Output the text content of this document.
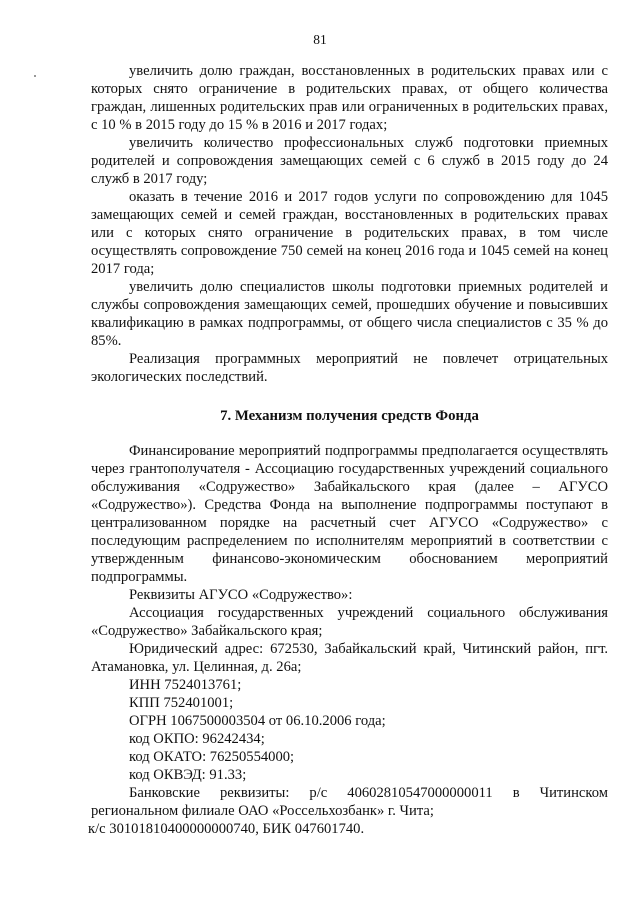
81

увеличить долю граждан, восстановленных в родительских правах или с которых снято ограничение в родительских правах, от общего количества граждан, лишенных родительских прав или ограниченных в родительских правах, с 10 % в 2015 году до 15 % в 2016 и 2017 годах;

увеличить количество профессиональных служб подготовки приемных родителей и сопровождения замещающих семей с 6 служб в 2015 году до 24 служб в 2017 году;

оказать в течение 2016 и 2017 годов услуги по сопровождению для 1045 замещающих семей и семей граждан, восстановленных в родительских правах или с которых снято ограничение в родительских правах, в том числе осуществлять сопровождение 750 семей на конец 2016 года и 1045 семей на конец 2017 года;

увеличить долю специалистов школы подготовки приемных родителей и службы сопровождения замещающих семей, прошедших обучение и повысивших квалификацию в рамках подпрограммы, от общего числа специалистов с 35 % до 85%.

Реализация программных мероприятий не повлечет отрицательных экологических последствий.

7. Механизм получения средств Фонда

Финансирование мероприятий подпрограммы предполагается осуществлять через грантополучателя - Ассоциацию государственных учреждений социального обслуживания «Содружество» Забайкальского края (далее – АГУСО «Содружество»). Средства Фонда на выполнение подпрограммы поступают в централизованном порядке на расчетный счет АГУСО «Содружество» с последующим распределением по исполнителям мероприятий в соответствии с утвержденным финансово-экономическим обоснованием мероприятий подпрограммы.

Реквизиты АГУСО «Содружество»:

Ассоциация государственных учреждений социального обслуживания «Содружество» Забайкальского края;

Юридический адрес: 672530, Забайкальский край, Читинский район, пгт. Атамановка, ул. Целинная, д. 26а;

ИНН 7524013761;

КПП 752401001;

ОГРН 1067500003504 от 06.10.2006 года;

код ОКПО: 96242434;

код ОКАТО: 76250554000;

код ОКВЭД: 91.33;

Банковские реквизиты: р/с 40602810547000000011 в Читинском

региональном филиале ОАО «Россельхозбанк» г. Чита;

к/с 30101810400000000740, БИК 047601740.
